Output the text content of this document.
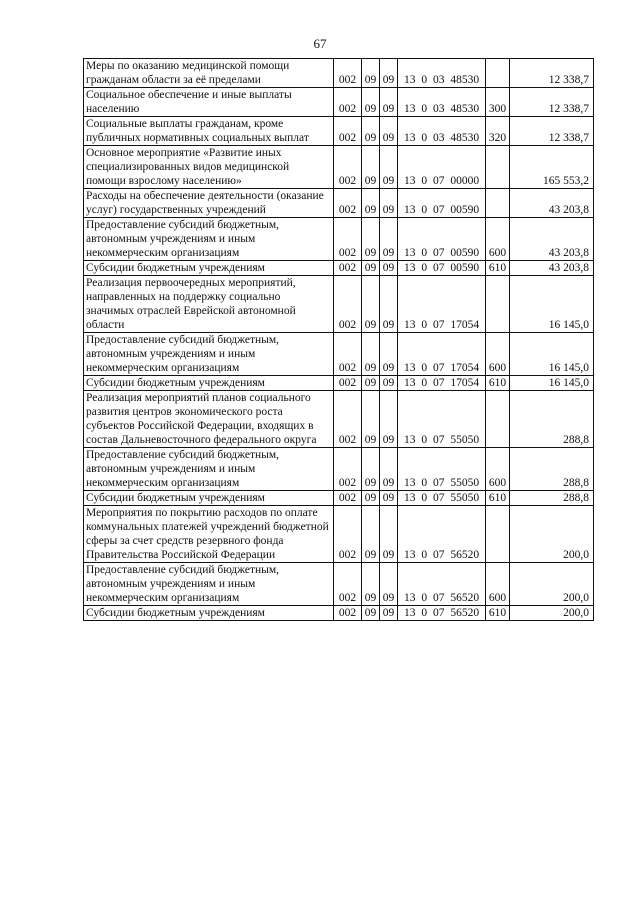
67
Меры по оказанию медицинской помощи гражданам области за её пределами	002	09	09	13 0 03 48530		12 338,7
Социальное обеспечение и иные выплаты населению	002	09	09	13 0 03 48530	300	12 338,7
Социальные выплаты гражданам, кроме публичных нормативных социальных выплат	002	09	09	13 0 03 48530	320	12 338,7
Основное мероприятие «Развитие иных специализированных видов медицинской помощи взрослому населению»	002	09	09	13 0 07 00000		165 553,2
Расходы на обеспечение деятельности (оказание услуг) государственных учреждений	002	09	09	13 0 07 00590		43 203,8
Предоставление субсидий бюджетным, автономным учреждениям и иным некоммерческим организациям	002	09	09	13 0 07 00590	600	43 203,8
Субсидии бюджетным учреждениям	002	09	09	13 0 07 00590	610	43 203,8
Реализация первоочередных мероприятий, направленных на поддержку социально значимых отраслей Еврейской автономной области	002	09	09	13 0 07 17054		16 145,0
Предоставление субсидий бюджетным, автономным учреждениям и иным некоммерческим организациям	002	09	09	13 0 07 17054	600	16 145,0
Субсидии бюджетным учреждениям	002	09	09	13 0 07 17054	610	16 145,0
Реализация мероприятий планов социального развития центров экономического роста субъектов Российской Федерации, входящих в состав Дальневосточного федерального округа	002	09	09	13 0 07 55050		288,8
Предоставление субсидий бюджетным, автономным учреждениям и иным некоммерческим организациям	002	09	09	13 0 07 55050	600	288,8
Субсидии бюджетным учреждениям	002	09	09	13 0 07 55050	610	288,8
Мероприятия по покрытию расходов по оплате коммунальных платежей учреждений бюджетной сферы за счет средств резервного фонда Правительства Российской Федерации	002	09	09	13 0 07 56520		200,0
Предоставление субсидий бюджетным, автономным учреждениям и иным некоммерческим организациям	002	09	09	13 0 07 56520	600	200,0
Субсидии бюджетным учреждениям	002	09	09	13 0 07 56520	610	200,0
